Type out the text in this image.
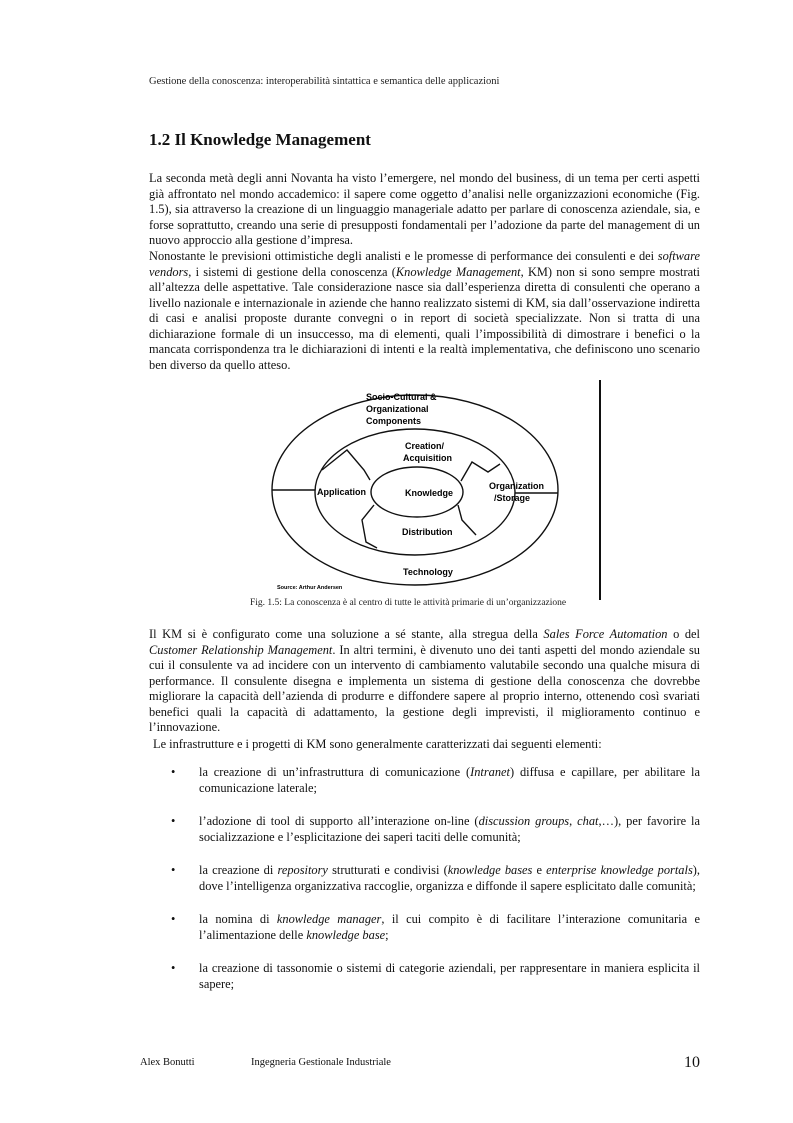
Gestione della conoscenza: interoperabilità sintattica e semantica delle applicazioni
1.2 Il Knowledge Management

La seconda metà degli anni Novanta ha visto l’emergere, nel mondo del business, di un tema per certi aspetti già affrontato nel mondo accademico: il sapere come oggetto d’analisi nelle organizzazioni economiche (Fig. 1.5), sia attraverso la creazione di un linguaggio manageriale adatto per parlare di conoscenza aziendale, sia, e forse soprattutto, creando una serie di presupposti fondamentali per l’adozione da parte del management di un nuovo approccio alla gestione d’impresa.

Nonostante le previsioni ottimistiche degli analisti e le promesse di performance dei consulenti e dei software vendors, i sistemi di gestione della conoscenza (Knowledge Management, KM) non si sono sempre mostrati all’altezza delle aspettative. Tale considerazione nasce sia dall’esperienza diretta di consulenti che operano a livello nazionale e internazionale in aziende che hanno realizzato sistemi di KM, sia dall’osservazione indiretta di casi e analisi proposte durante convegni o in report di società specializzate. Non si tratta di una dichiarazione formale di un insuccesso, ma di elementi, quali l’impossibilità di dimostrare i benefici o la mancata corrispondenza tra le dichiarazioni di intenti e la realtà implementativa, che definiscono uno scenario ben diverso da quello atteso.

Socio-Cultural &
Organizational
Components
Creation/
Acquisition
Knowledge
Application
Organization
/Storage
Distribution
Technology
Source: Arthur Andersen
Fig. 1.5: La conoscenza è al centro di tutte le attività primarie di un’organizzazione

Il KM si è configurato come una soluzione a sé stante, alla stregua della Sales Force Automation o del Customer Relationship Management. In altri termini, è divenuto uno dei tanti aspetti del mondo aziendale su cui il consulente va ad incidere con un intervento di cambiamento valutabile secondo una qualche misura di performance. Il consulente disegna e implementa un sistema di gestione della conoscenza che dovrebbe migliorare la capacità dell’azienda di produrre e diffondere sapere al proprio interno, ottenendo così svariati benefici quali la capacità di adattamento, la gestione degli imprevisti, il miglioramento continuo e l’innovazione.

Le infrastrutture e i progetti di KM sono generalmente caratterizzati dai seguenti elementi:

• la creazione di un’infrastruttura di comunicazione (Intranet) diffusa e capillare, per abilitare la comunicazione laterale;
• l’adozione di tool di supporto all’interazione on-line (discussion groups, chat,…), per favorire la socializzazione e l’esplicitazione dei saperi taciti delle comunità;
• la creazione di repository strutturati e condivisi (knowledge bases e enterprise knowledge portals), dove l’intelligenza organizzativa raccoglie, organizza e diffonde il sapere esplicitato dalle comunità;
• la nomina di knowledge manager, il cui compito è di facilitare l’interazione comunitaria e l’alimentazione delle knowledge base;
• la creazione di tassonomie o sistemi di categorie aziendali, per rappresentare in maniera esplicita il sapere;
Alex Bonutti	Ingegneria Gestionale Industriale	10
